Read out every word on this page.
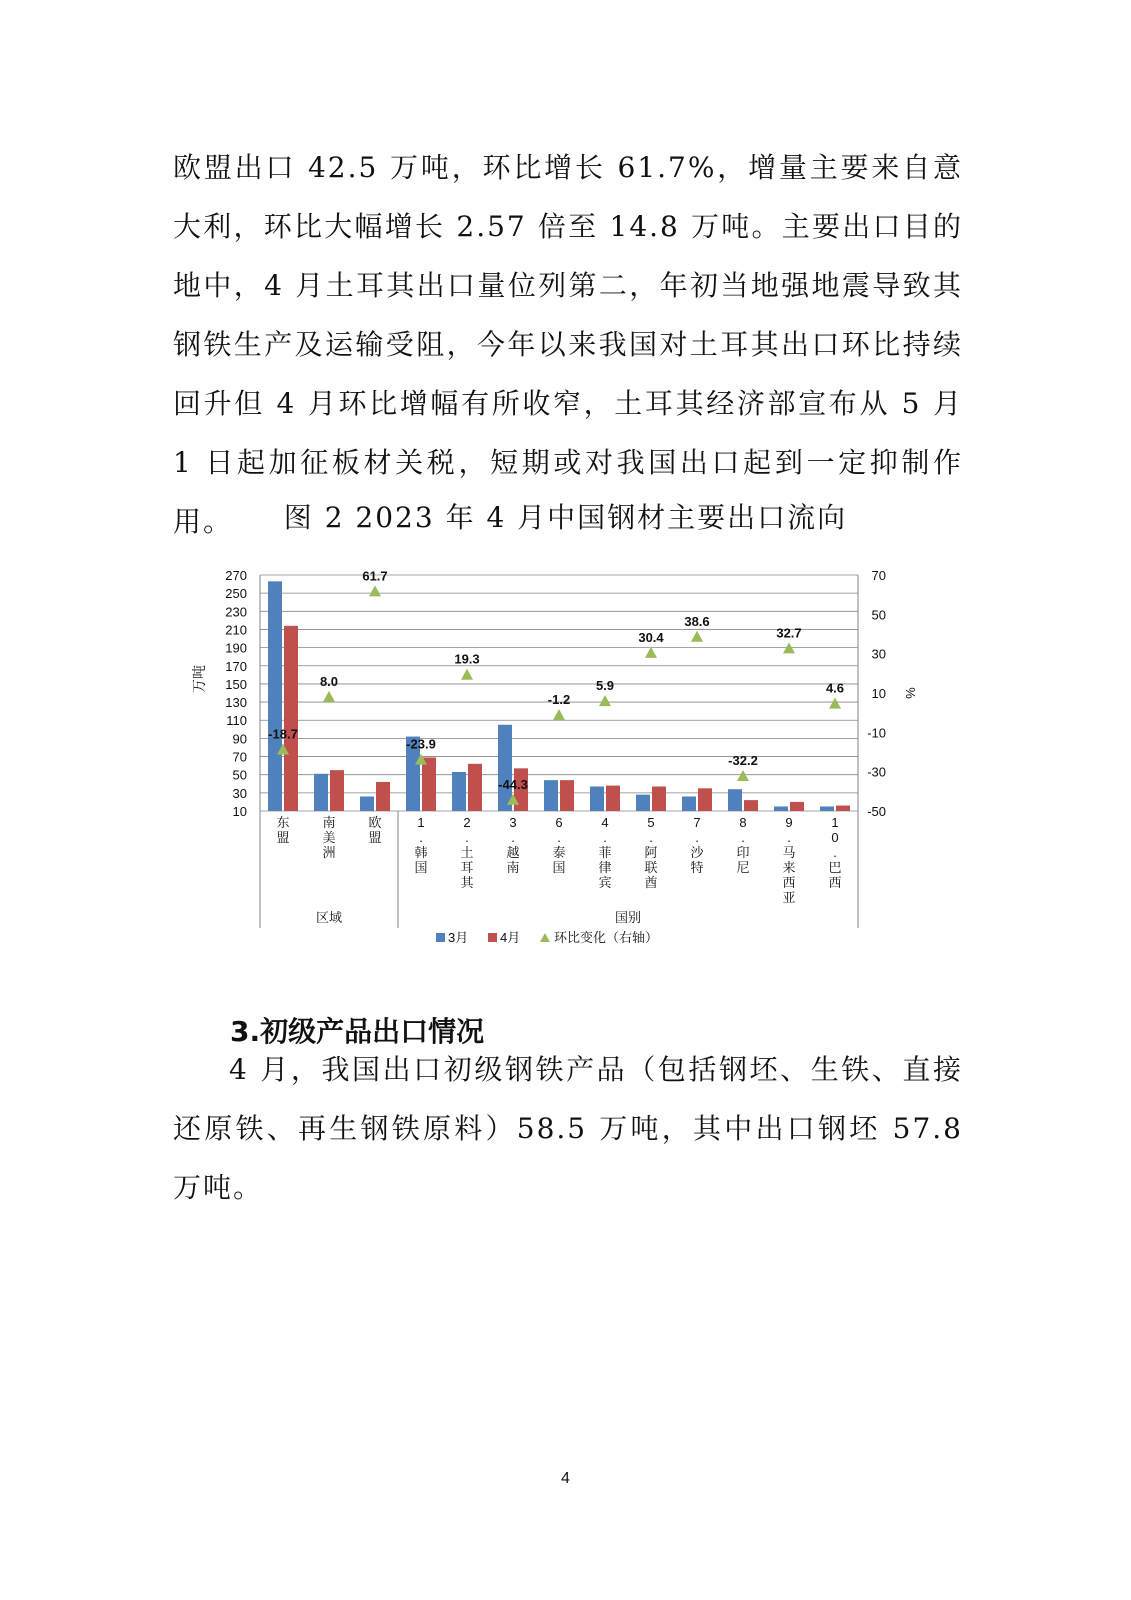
欧盟出口 42.5 万吨，环比增长 61.7%，增量主要来自意大利，环比大幅增长 2.57 倍至 14.8 万吨。主要出口目的地中，4 月土耳其出口量位列第二，年初当地强地震导致其钢铁生产及运输受阻，今年以来我国对土耳其出口环比持续回升但 4 月环比增幅有所收窄，土耳其经济部宣布从 5 月 1 日起加征板材关税，短期或对我国出口起到一定抑制作用。	图 2 2023 年 4 月中国钢材主要出口流向

270
250
230
210
190
170
150
130
110
90
70
50
30
10
70
50
30
10
-10
-30
-50
万吨	%
-18.7
8.0
61.7
-23.9
19.3
-44.3
-1.2
5.9
30.4
38.6
-32.2
32.7
4.6
东盟
南美洲
欧盟
1 .韩国
2 .土耳其
3 .越南
6 .泰国
4 .菲律宾
5 .阿联酋
7 .沙特
8 .印尼
9 .马来西亚
1 0 .巴西
区域	国别
3月 4月	环比变化（右轴）
3.初级产品出口情况

4 月，我国出口初级钢铁产品（包括钢坯、生铁、直接还原铁、再生钢铁原料）58.5 万吨，其中出口钢坯 57.8 万吨。

4
